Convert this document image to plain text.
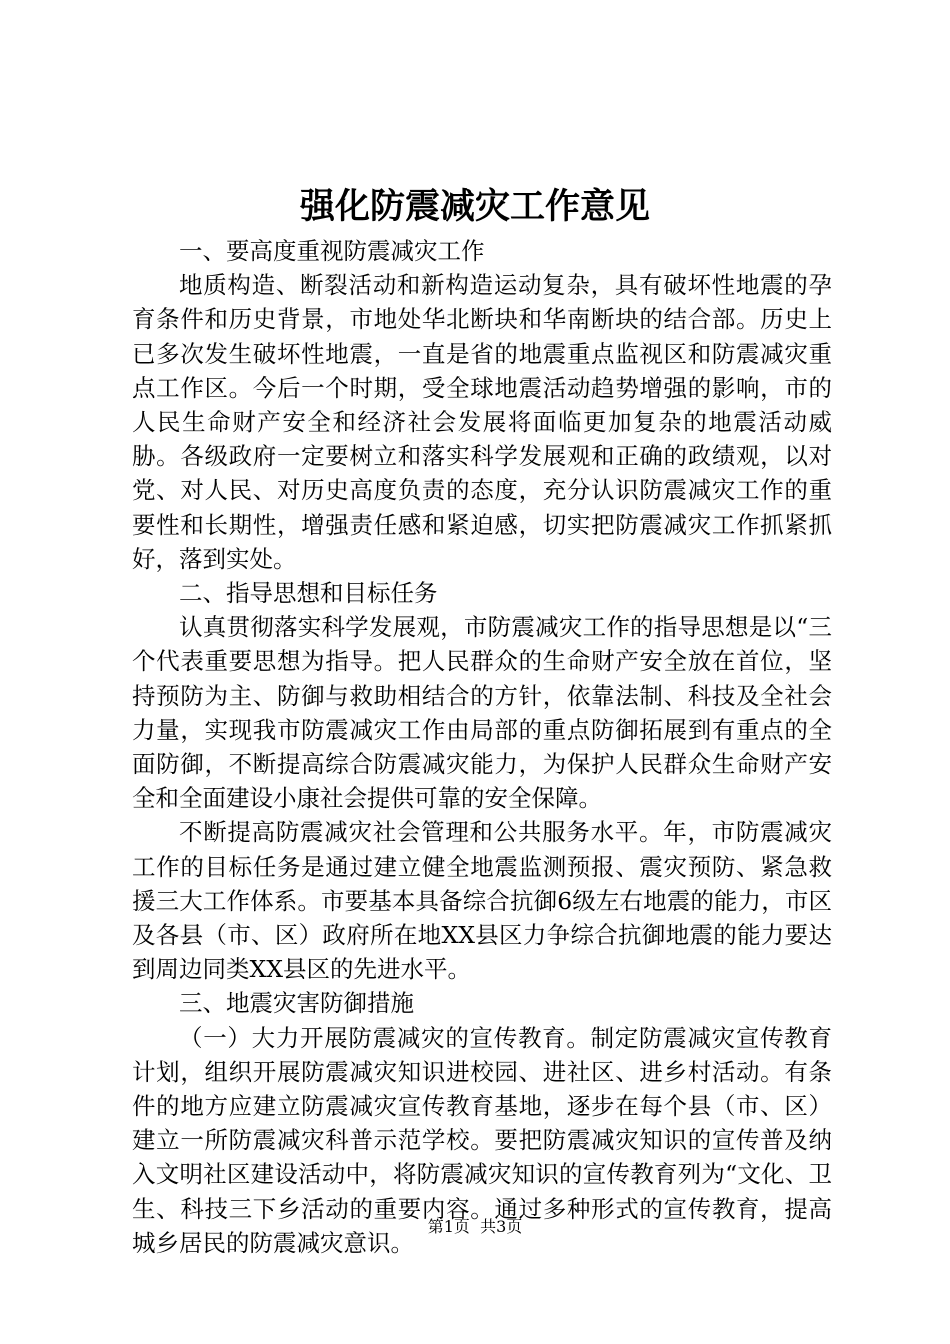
强化防震减灾工作意见

一、要高度重视防震减灾工作

地质构造、断裂活动和新构造运动复杂，具有破坏性地震的孕育条件和历史背景，市地处华北断块和华南断块的结合部。历史上已多次发生破坏性地震，一直是省的地震重点监视区和防震减灾重点工作区。今后一个时期，受全球地震活动趋势增强的影响，市的人民生命财产安全和经济社会发展将面临更加复杂的地震活动威胁。各级政府一定要树立和落实科学发展观和正确的政绩观，以对党、对人民、对历史高度负责的态度，充分认识防震减灾工作的重要性和长期性，增强责任感和紧迫感，切实把防震减灾工作抓紧抓好，落到实处。

二、指导思想和目标任务

认真贯彻落实科学发展观，市防震减灾工作的指导思想是以“三个代表重要思想为指导。把人民群众的生命财产安全放在首位，坚持预防为主、防御与救助相结合的方针，依靠法制、科技及全社会力量，实现我市防震减灾工作由局部的重点防御拓展到有重点的全面防御，不断提高综合防震减灾能力，为保护人民群众生命财产安全和全面建设小康社会提供可靠的安全保障。

不断提高防震减灾社会管理和公共服务水平。年，市防震减灾工作的目标任务是通过建立健全地震监测预报、震灾预防、紧急救援三大工作体系。市要基本具备综合抗御6级左右地震的能力，市区及各县（市、区）政府所在地XX县区力争综合抗御地震的能力要达到周边同类XX县区的先进水平。

三、地震灾害防御措施

（一）大力开展防震减灾的宣传教育。制定防震减灾宣传教育计划，组织开展防震减灾知识进校园、进社区、进乡村活动。有条件的地方应建立防震减灾宣传教育基地，逐步在每个县（市、区）建立一所防震减灾科普示范学校。要把防震减灾知识的宣传普及纳入文明社区建设活动中，将防震减灾知识的宣传教育列为“文化、卫生、科技三下乡活动的重要内容。通过多种形式的宣传教育，提高城乡居民的防震减灾意识。

第1页 共3页
